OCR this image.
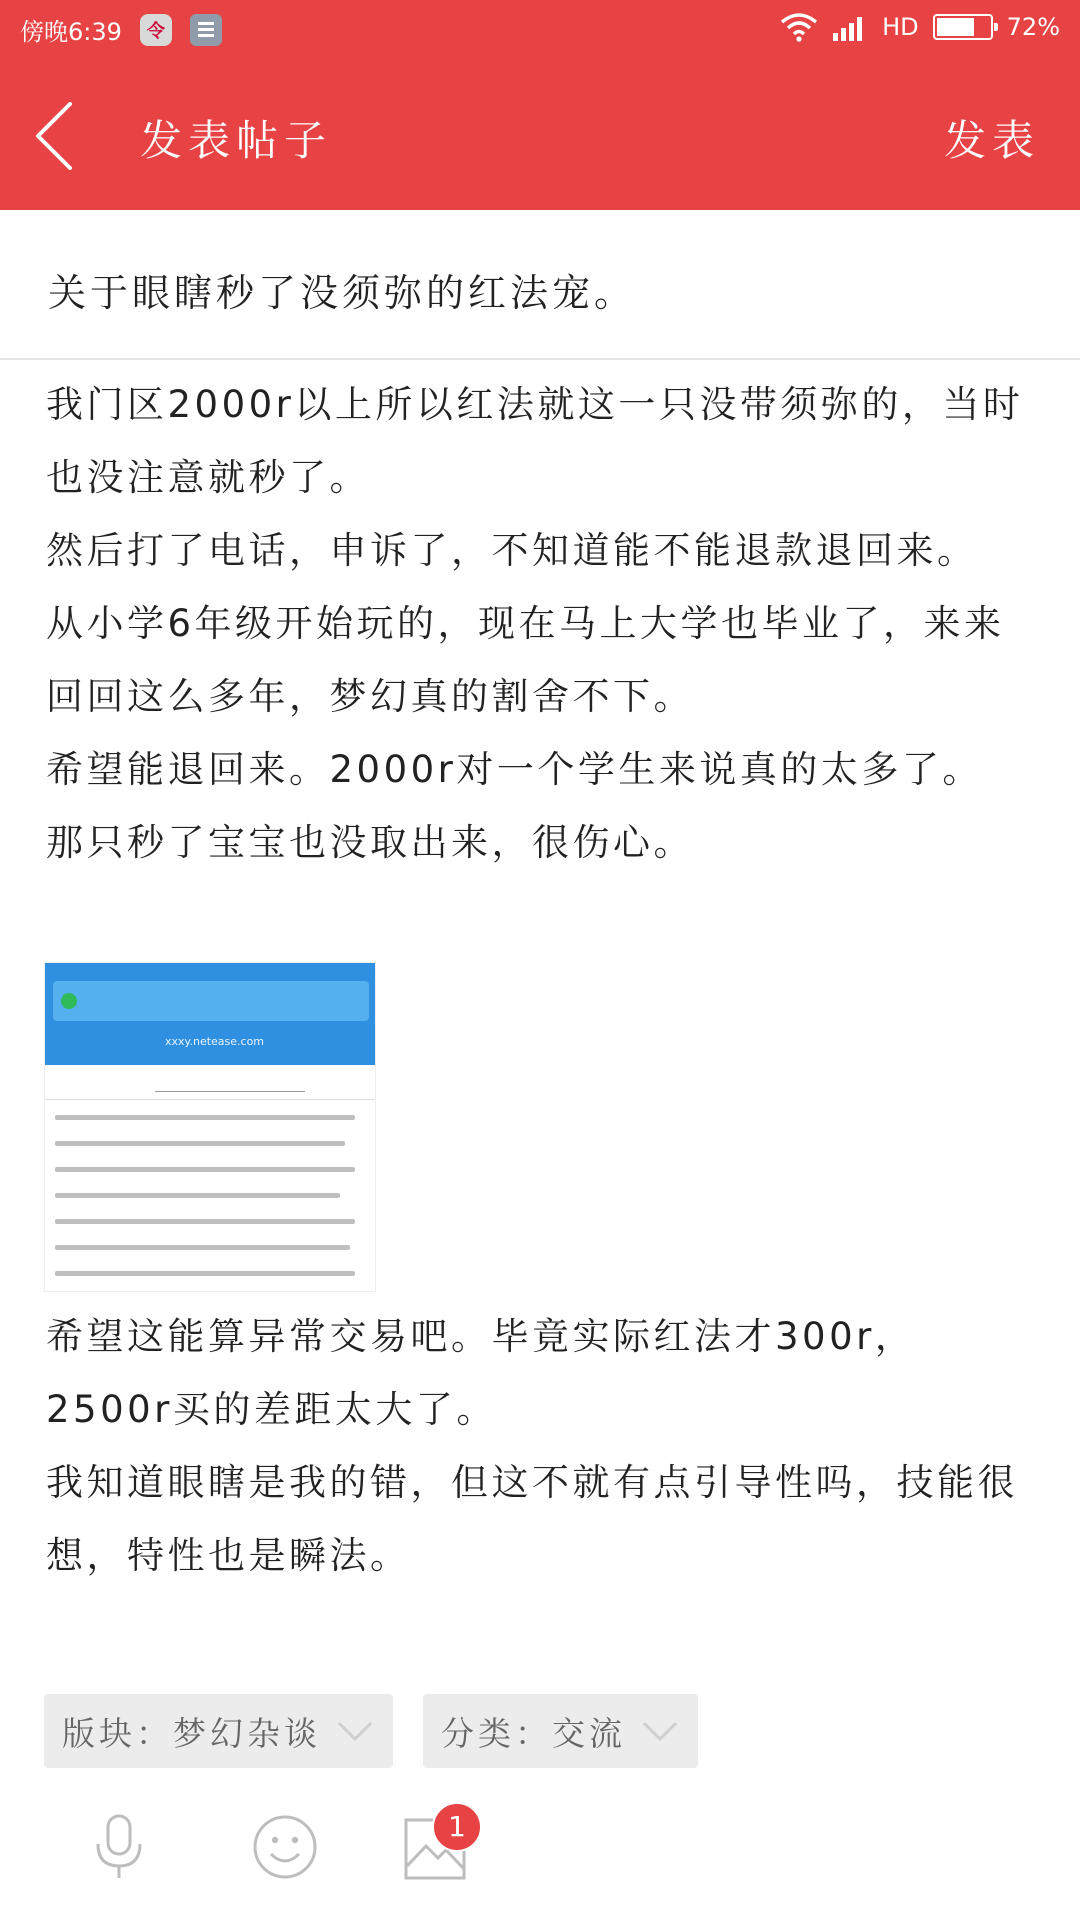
傍晚6:39	令	HD	72%
发表帖子	发表
关于眼瞎秒了没须弥的红法宠。

我门区2000r以上所以红法就这一只没带须弥的，当时也没注意就秒了。

然后打了电话，申诉了，不知道能不能退款退回来。

从小学6年级开始玩的，现在马上大学也毕业了，来来回回这么多年，梦幻真的割舍不下。

希望能退回来。2000r对一个学生来说真的太多了。

那只秒了宝宝也没取出来，很伤心。

xxxy.netease.com

希望这能算异常交易吧。毕竟实际红法才300r，2500r买的差距太大了。

我知道眼瞎是我的错，但这不就有点引导性吗，技能很想，特性也是瞬法。

版块：梦幻杂谈	分类：交流
1
